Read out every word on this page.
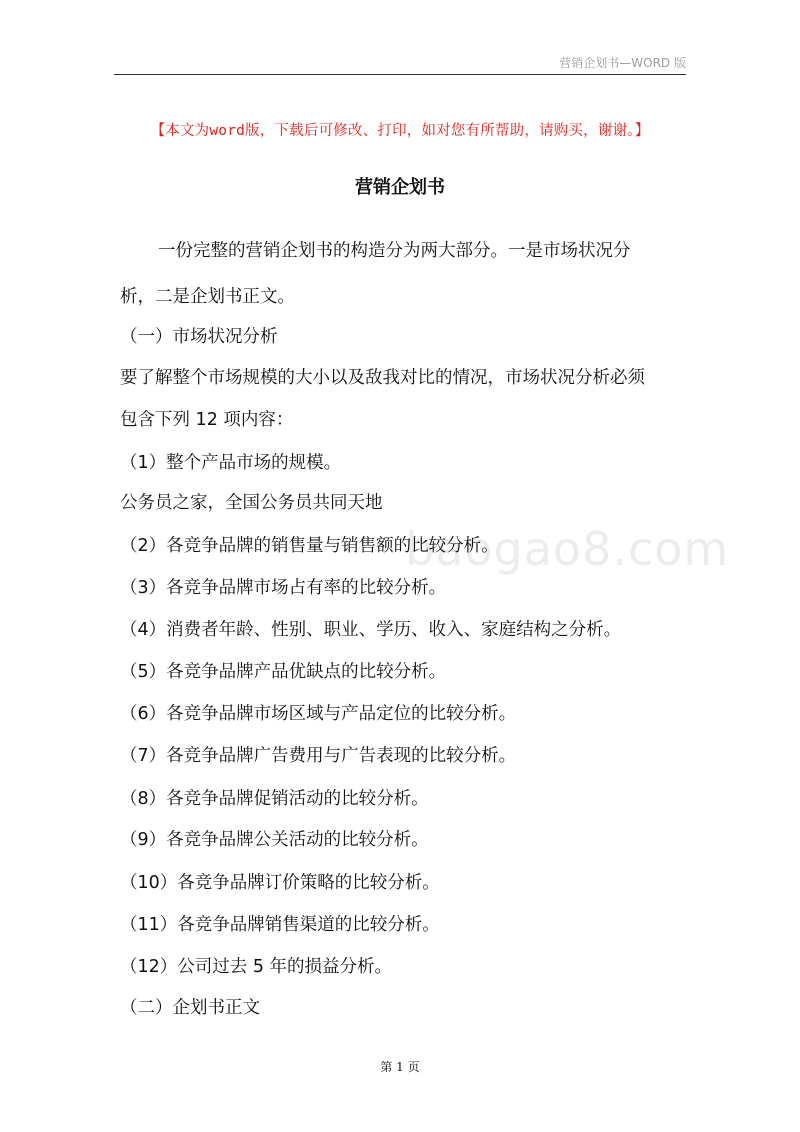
营销企划书—WORD 版
baogao8.com
【本文为word版，下载后可修改、打印，如对您有所帮助，请购买，谢谢。】
营销企划书
一份完整的营销企划书的构造分为两大部分。一是市场状况分
析，二是企划书正文。
（一）市场状况分析
要了解整个市场规模的大小以及敌我对比的情况，市场状况分析必须
包含下列 12 项内容：
（1）整个产品市场的规模。
公务员之家，全国公务员共同天地
（2）各竞争品牌的销售量与销售额的比较分析。
（3）各竞争品牌市场占有率的比较分析。
（4）消费者年龄、性别、职业、学历、收入、家庭结构之分析。
（5）各竞争品牌产品优缺点的比较分析。
（6）各竞争品牌市场区域与产品定位的比较分析。
（7）各竞争品牌广告费用与广告表现的比较分析。
（8）各竞争品牌促销活动的比较分析。
（9）各竞争品牌公关活动的比较分析。
（10）各竞争品牌订价策略的比较分析。
（11）各竞争品牌销售渠道的比较分析。
（12）公司过去 5 年的损益分析。
（二）企划书正文
第 1 页
